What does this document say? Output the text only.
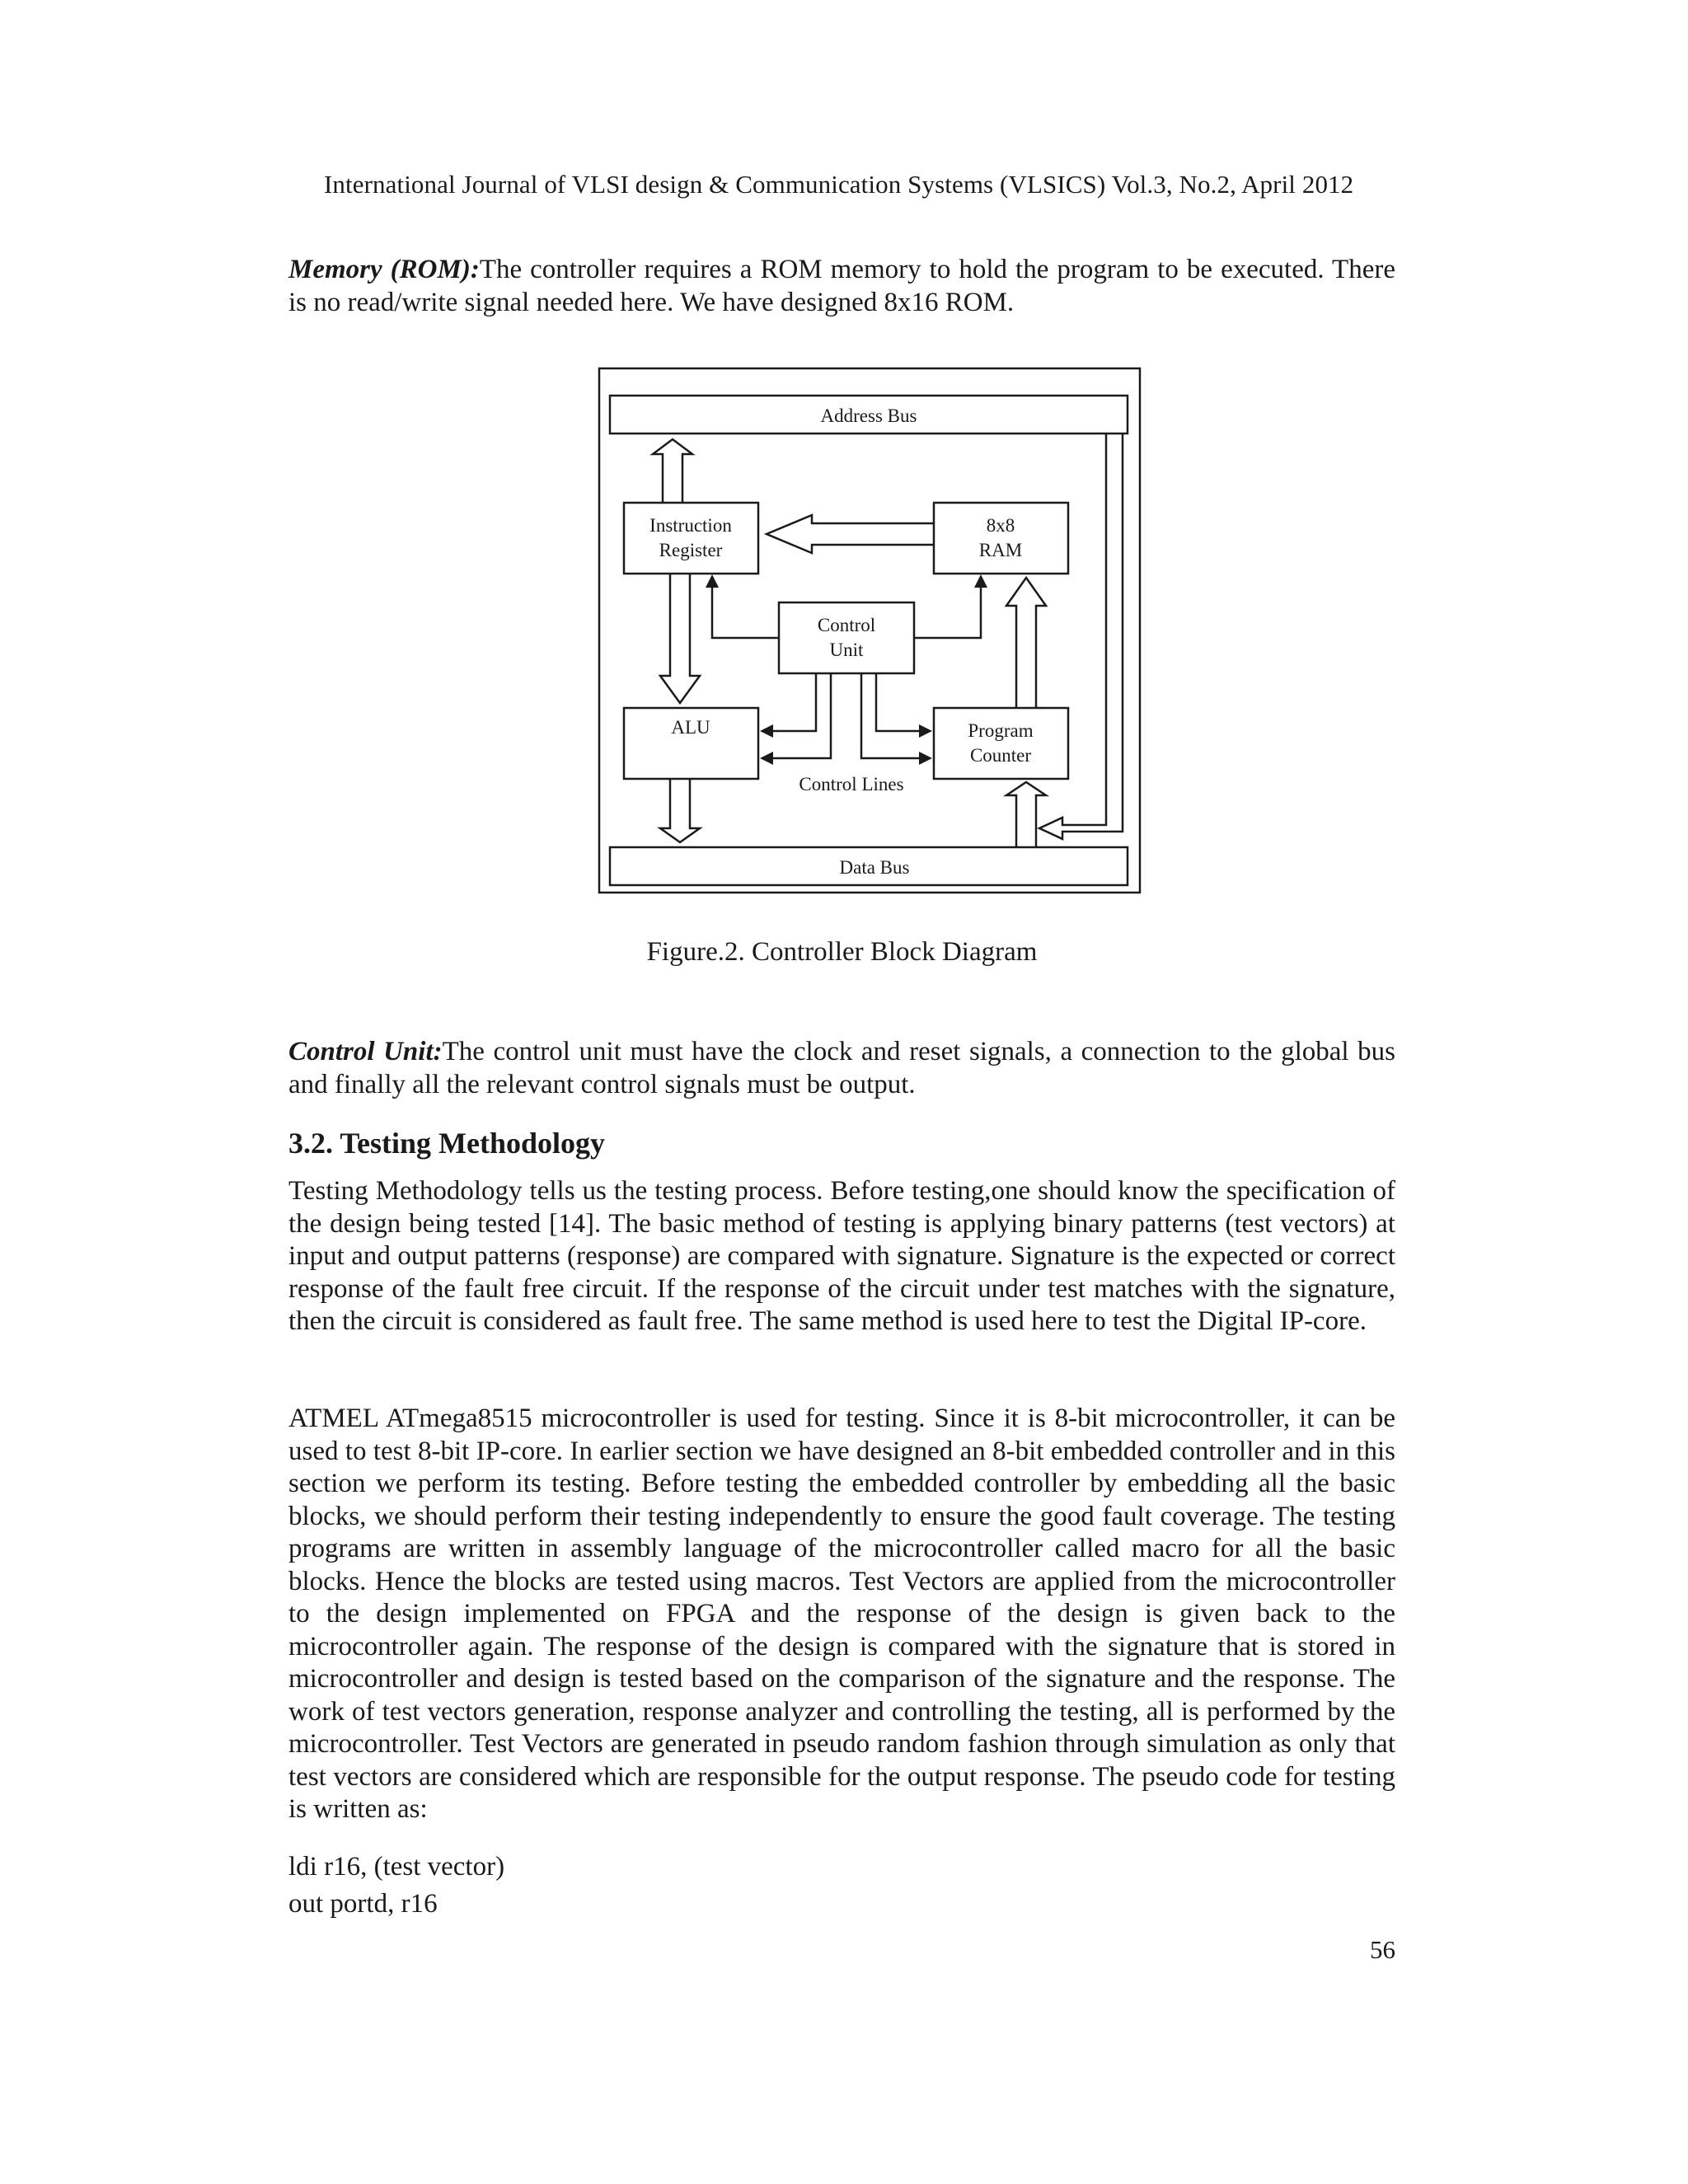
International Journal of VLSI design & Communication Systems (VLSICS) Vol.3, No.2, April 2012

Memory (ROM):The controller requires a ROM memory to hold the program to be executed. There is no read/write signal needed here. We have designed 8x16 ROM.

Address Bus
Instruction
Register
8x8
RAM
Control
Unit
ALU	Program
Counter
Control Lines
Data Bus
Figure.2. Controller Block Diagram

Control Unit:The control unit must have the clock and reset signals, a connection to the global bus and finally all the relevant control signals must be output.

3.2. Testing Methodology

Testing Methodology tells us the testing process. Before testing,one should know the specification of the design being tested [14]. The basic method of testing is applying binary patterns (test vectors) at input and output patterns (response) are compared with signature. Signature is the expected or correct response of the fault free circuit. If the response of the circuit under test matches with the signature, then the circuit is considered as fault free. The same method is used here to test the Digital IP-core.

ATMEL ATmega8515 microcontroller is used for testing. Since it is 8-bit microcontroller, it can be used to test 8-bit IP-core. In earlier section we have designed an 8-bit embedded controller and in this section we perform its testing. Before testing the embedded controller by embedding all the basic blocks, we should perform their testing independently to ensure the good fault coverage. The testing programs are written in assembly language of the microcontroller called macro for all the basic blocks. Hence the blocks are tested using macros. Test Vectors are applied from the microcontroller to the design implemented on FPGA and the response of the design is given back to the microcontroller again. The response of the design is compared with the signature that is stored in microcontroller and design is tested based on the comparison of the signature and the response. The work of test vectors generation, response analyzer and controlling the testing, all is performed by the microcontroller. Test Vectors are generated in pseudo random fashion through simulation as only that test vectors are considered which are responsible for the output response. The pseudo code for testing is written as:

ldi r16, (test vector)
out portd, r16
56
